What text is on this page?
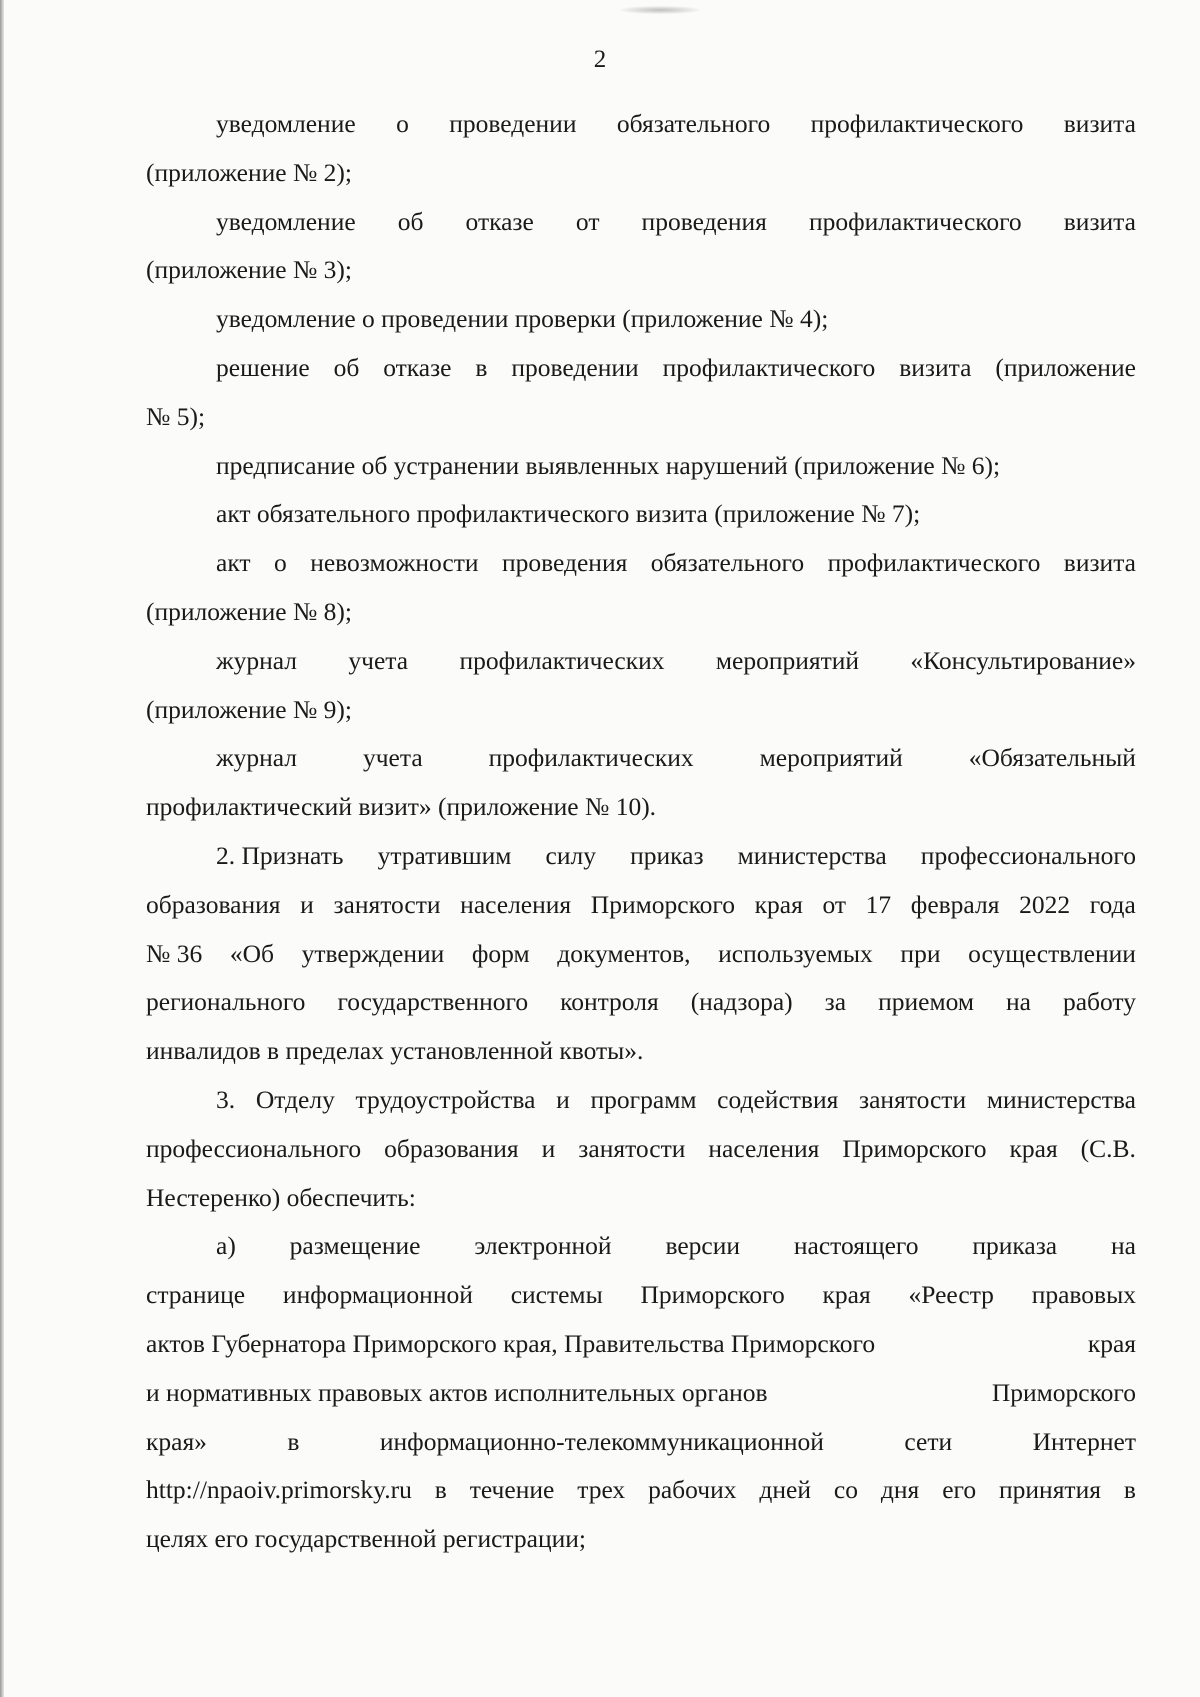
2
уведомление о проведении обязательного профилактического визита
(приложение № 2);
уведомление об отказе от проведения профилактического визита
(приложение № 3);
уведомление о проведении проверки (приложение № 4);
решение об отказе в проведении профилактического визита (приложение
№ 5);
предписание об устранении выявленных нарушений (приложение № 6);
акт обязательного профилактического визита (приложение № 7);
акт о невозможности проведения обязательного профилактического визита
(приложение № 8);
журнал учета профилактических мероприятий «Консультирование»
(приложение № 9);
журнал	учета	профилактических	мероприятий	«Обязательный
профилактический визит» (приложение № 10).
2. Признать утратившим силу приказ министерства профессионального
образования и занятости населения Приморского края от 17 февраля 2022 года
№ 36 «Об утверждении форм документов, используемых при осуществлении
регионального государственного контроля (надзора) за приемом на работу
инвалидов в пределах установленной квоты».
3. Отделу трудоустройства и программ содействия занятости министерства
профессионального образования и занятости населения Приморского края (С.В.
Нестеренко) обеспечить:
а) размещение электронной версии настоящего приказа на
странице информационной системы Приморского края «Реестр правовых
актов Губернатора Приморского края, Правительства Приморского	края
и нормативных правовых актов исполнительных органов	Приморского
края»	в	информационно-телекоммуникационной	сети	Интернет
http://npaoiv.primorsky.ru в течение трех рабочих дней со дня его принятия в
целях его государственной регистрации;
